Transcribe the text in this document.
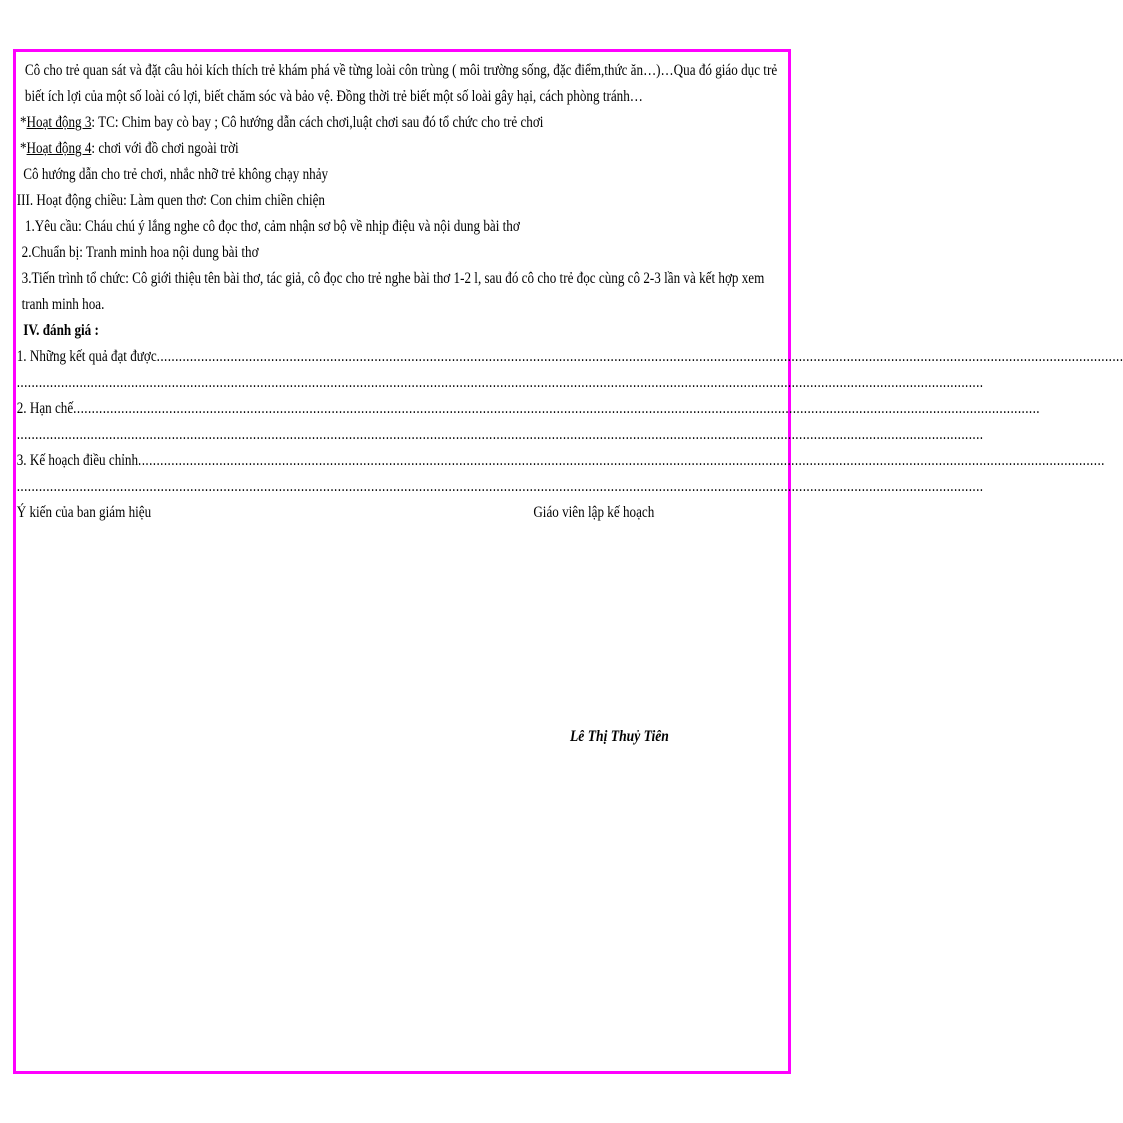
Cô cho trẻ quan sát và đặt câu hỏi kích thích trẻ khám phá về từng loài côn trùng ( môi trường sống, đặc điểm,thức ăn…)…Qua đó giáo dục trẻ biết ích lợi của một số loài có lợi, biết chăm sóc và bảo vệ. Đồng thời trẻ biết một số loài gây hại, cách phòng tránh…
*Hoạt động 3: TC: Chim bay cò bay ; Cô hướng dẫn cách chơi,luật chơi sau đó tổ chức cho trẻ chơi
*Hoạt động 4: chơi với đồ chơi ngoài trời
Cô hướng dẫn cho trẻ chơi, nhắc nhỡ trẻ không chạy nhảy
III. Hoạt động chiều: Làm quen thơ: Con chim chiền chiện
1.Yêu cầu: Cháu chú ý lắng nghe cô đọc thơ, cảm nhận sơ bộ về nhịp điệu và nội dung bài thơ
2.Chuẩn bị: Tranh minh hoa nội dung bài thơ
3.Tiến trình tổ chức: Cô giới thiệu tên bài thơ, tác giả, cô đọc cho trẻ nghe bài thơ 1-2 l, sau đó cô cho trẻ đọc cùng cô 2-3 lần và kết hợp xem tranh minh hoa.
IV. đánh giá :
1. Những kết quả đạt được......................................................................................................................................................................................................................................................................
......................................................................................................................................................................................................................................................................
2. Hạn chế......................................................................................................................................................................................................................................................................
......................................................................................................................................................................................................................................................................
3. Kế hoạch điều chỉnh......................................................................................................................................................................................................................................................................
......................................................................................................................................................................................................................................................................
Ý kiến của ban giám hiệu	Giáo viên lập kế hoạch
Lê Thị Thuỷ Tiên
